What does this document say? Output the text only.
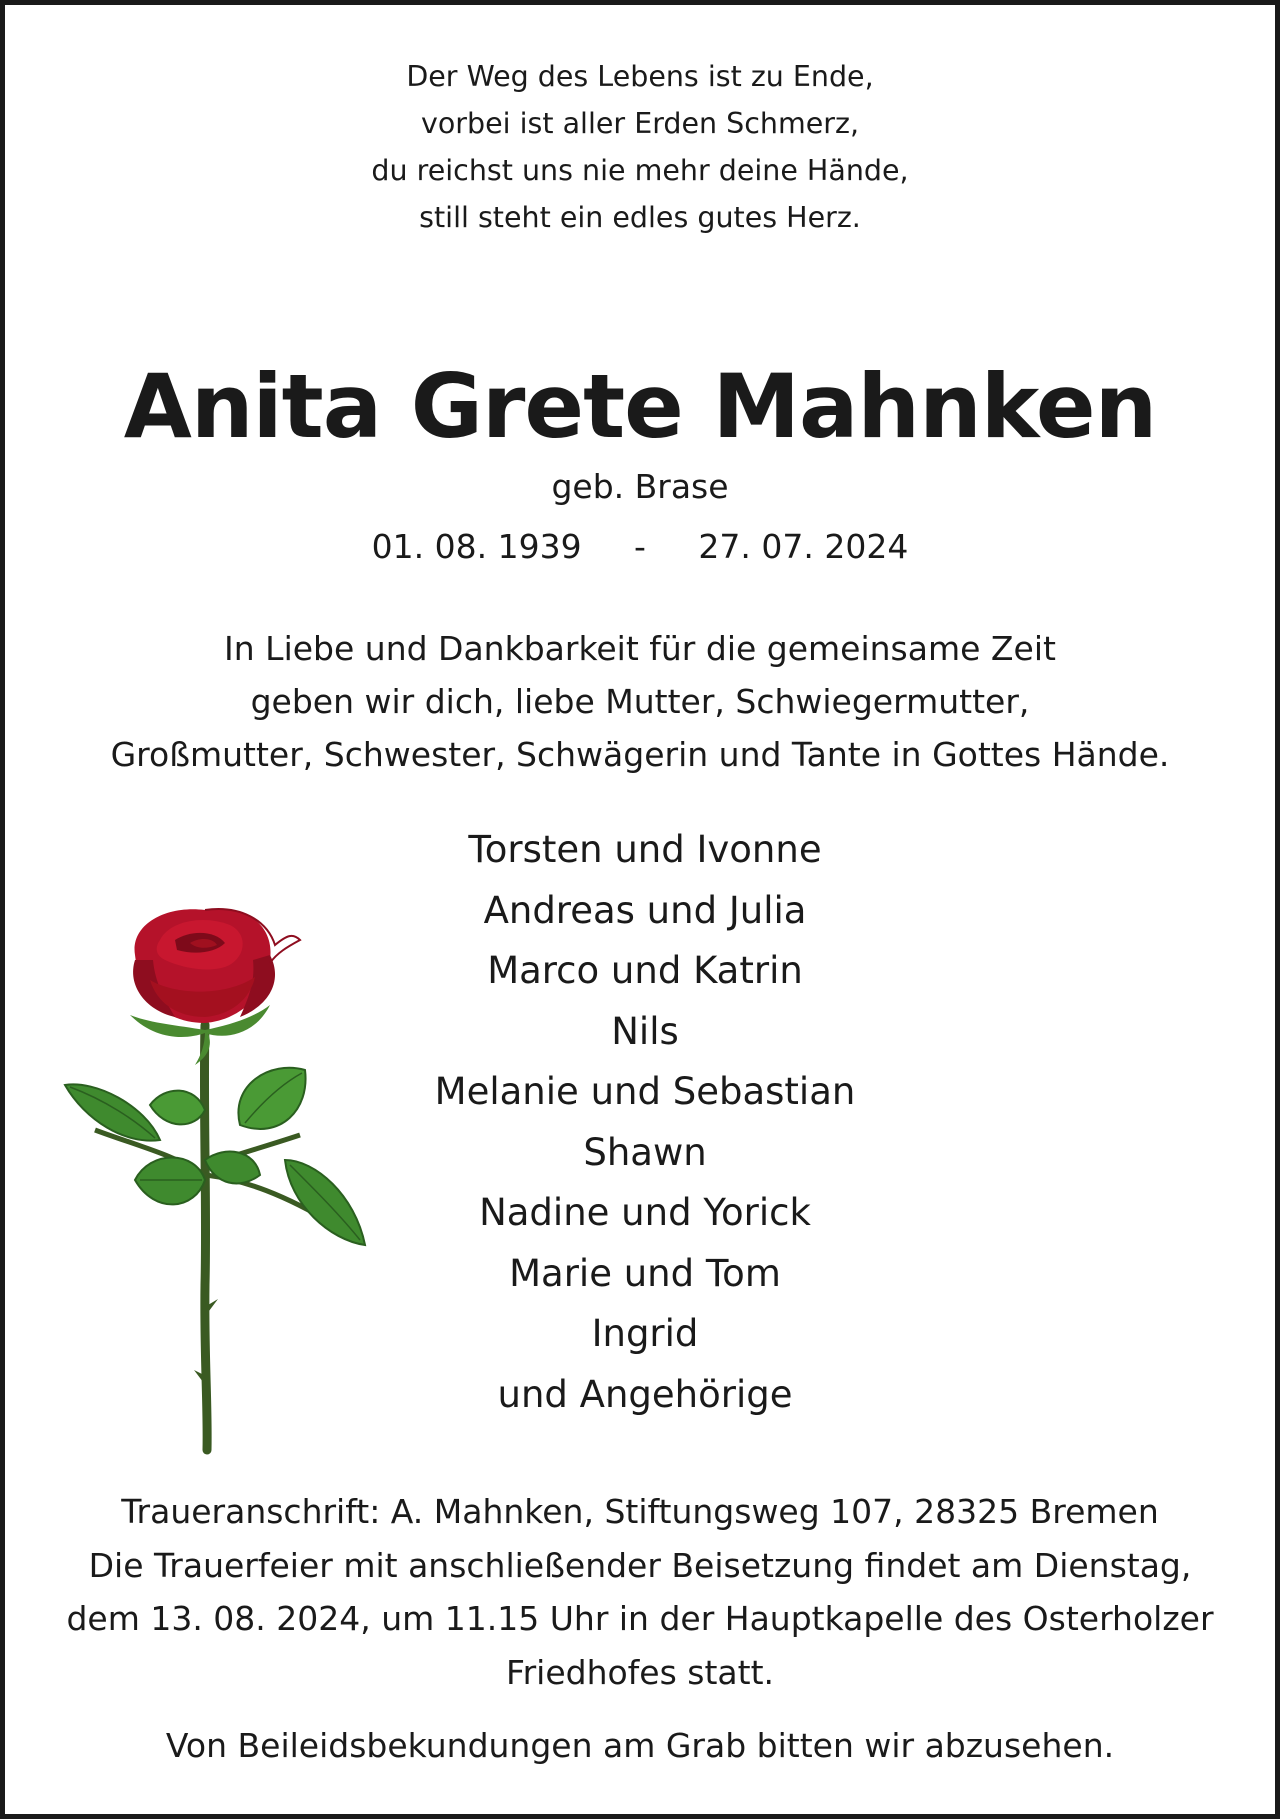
Der Weg des Lebens ist zu Ende,
vorbei ist aller Erden Schmerz,
du reichst uns nie mehr deine Hände,
still steht ein edles gutes Herz.
Anita Grete Mahnken
geb. Brase
01. 08. 1939 - 27. 07. 2024
In Liebe und Dankbarkeit für die gemeinsame Zeit
geben wir dich, liebe Mutter, Schwiegermutter,
Großmutter, Schwester, Schwägerin und Tante in Gottes Hände.
Torsten und Ivonne
Andreas und Julia
Marco und Katrin
Nils
Melanie und Sebastian
Shawn
Nadine und Yorick
Marie und Tom
Ingrid
und Angehörige
Traueranschrift: A. Mahnken, Stiftungsweg 107, 28325 Bremen
Die Trauerfeier mit anschließender Beisetzung findet am Dienstag,
dem 13. 08. 2024, um 11.15 Uhr in der Hauptkapelle des Osterholzer
Friedhofes statt.
Von Beileidsbekundungen am Grab bitten wir abzusehen.
